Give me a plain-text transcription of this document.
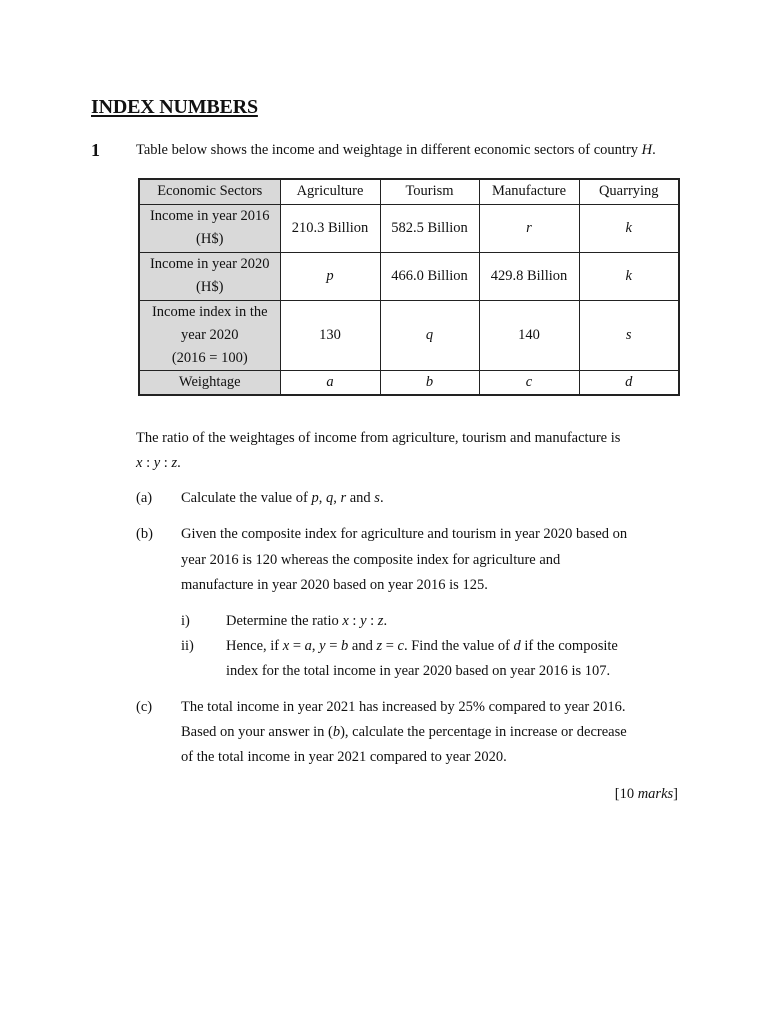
INDEX NUMBERS
1 Table below shows the income and weightage in different economic sectors of country H.
Economic Sectors	Agriculture	Tourism	Manufacture	Quarrying

Income in year 2016
(H$)	210.3 Billion	582.5 Billion	r	k

Income in year 2020
(H$)	p	466.0 Billion	429.8 Billion	k

Income index in the
year 2020
(2016 = 100)	130	q	140	s
Weightage	a	b	c	d
The ratio of the weightages of income from agriculture, tourism and manufacture is
x : y : z.
(a) Calculate the value of p, q, r and s.
(b) Given the composite index for agriculture and tourism in year 2020 based on
year 2016 is 120 whereas the composite index for agriculture and
manufacture in year 2020 based on year 2016 is 125.
i) Determine the ratio x : y : z.
ii) Hence, if x = a, y = b and z = c. Find the value of d if the composite
index for the total income in year 2020 based on year 2016 is 107.
(c) The total income in year 2021 has increased by 25% compared to year 2016.
Based on your answer in (b), calculate the percentage in increase or decrease
of the total income in year 2021 compared to year 2020.
[10 marks]
